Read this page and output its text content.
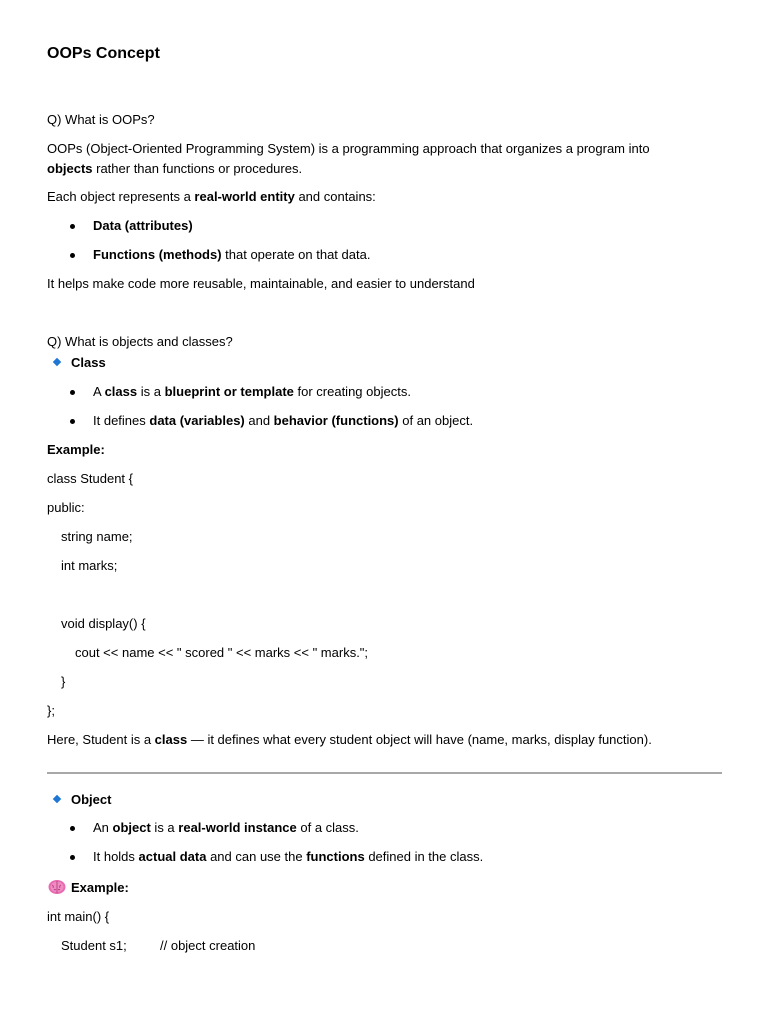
OOPs Concept
Q) What is OOPs?
OOPs (Object-Oriented Programming System) is a programming approach that organizes a program into
objects rather than functions or procedures.
Each object represents a real-world entity and contains:
Data (attributes)
Functions (methods) that operate on that data.
It helps make code more reusable, maintainable, and easier to understand
Q) What is objects and classes?
Class
A class is a blueprint or template for creating objects.
It defines data (variables) and behavior (functions) of an object.
Example:
class Student {
public:
string name;
int marks;
void display() {
cout << name << " scored " << marks << " marks.";
}
};
Here, Student is a class — it defines what every student object will have (name, marks, display function).
Object
An object is a real-world instance of a class.
It holds actual data and can use the functions defined in the class.
Example:
int main() {
Student s1;	// object creation
